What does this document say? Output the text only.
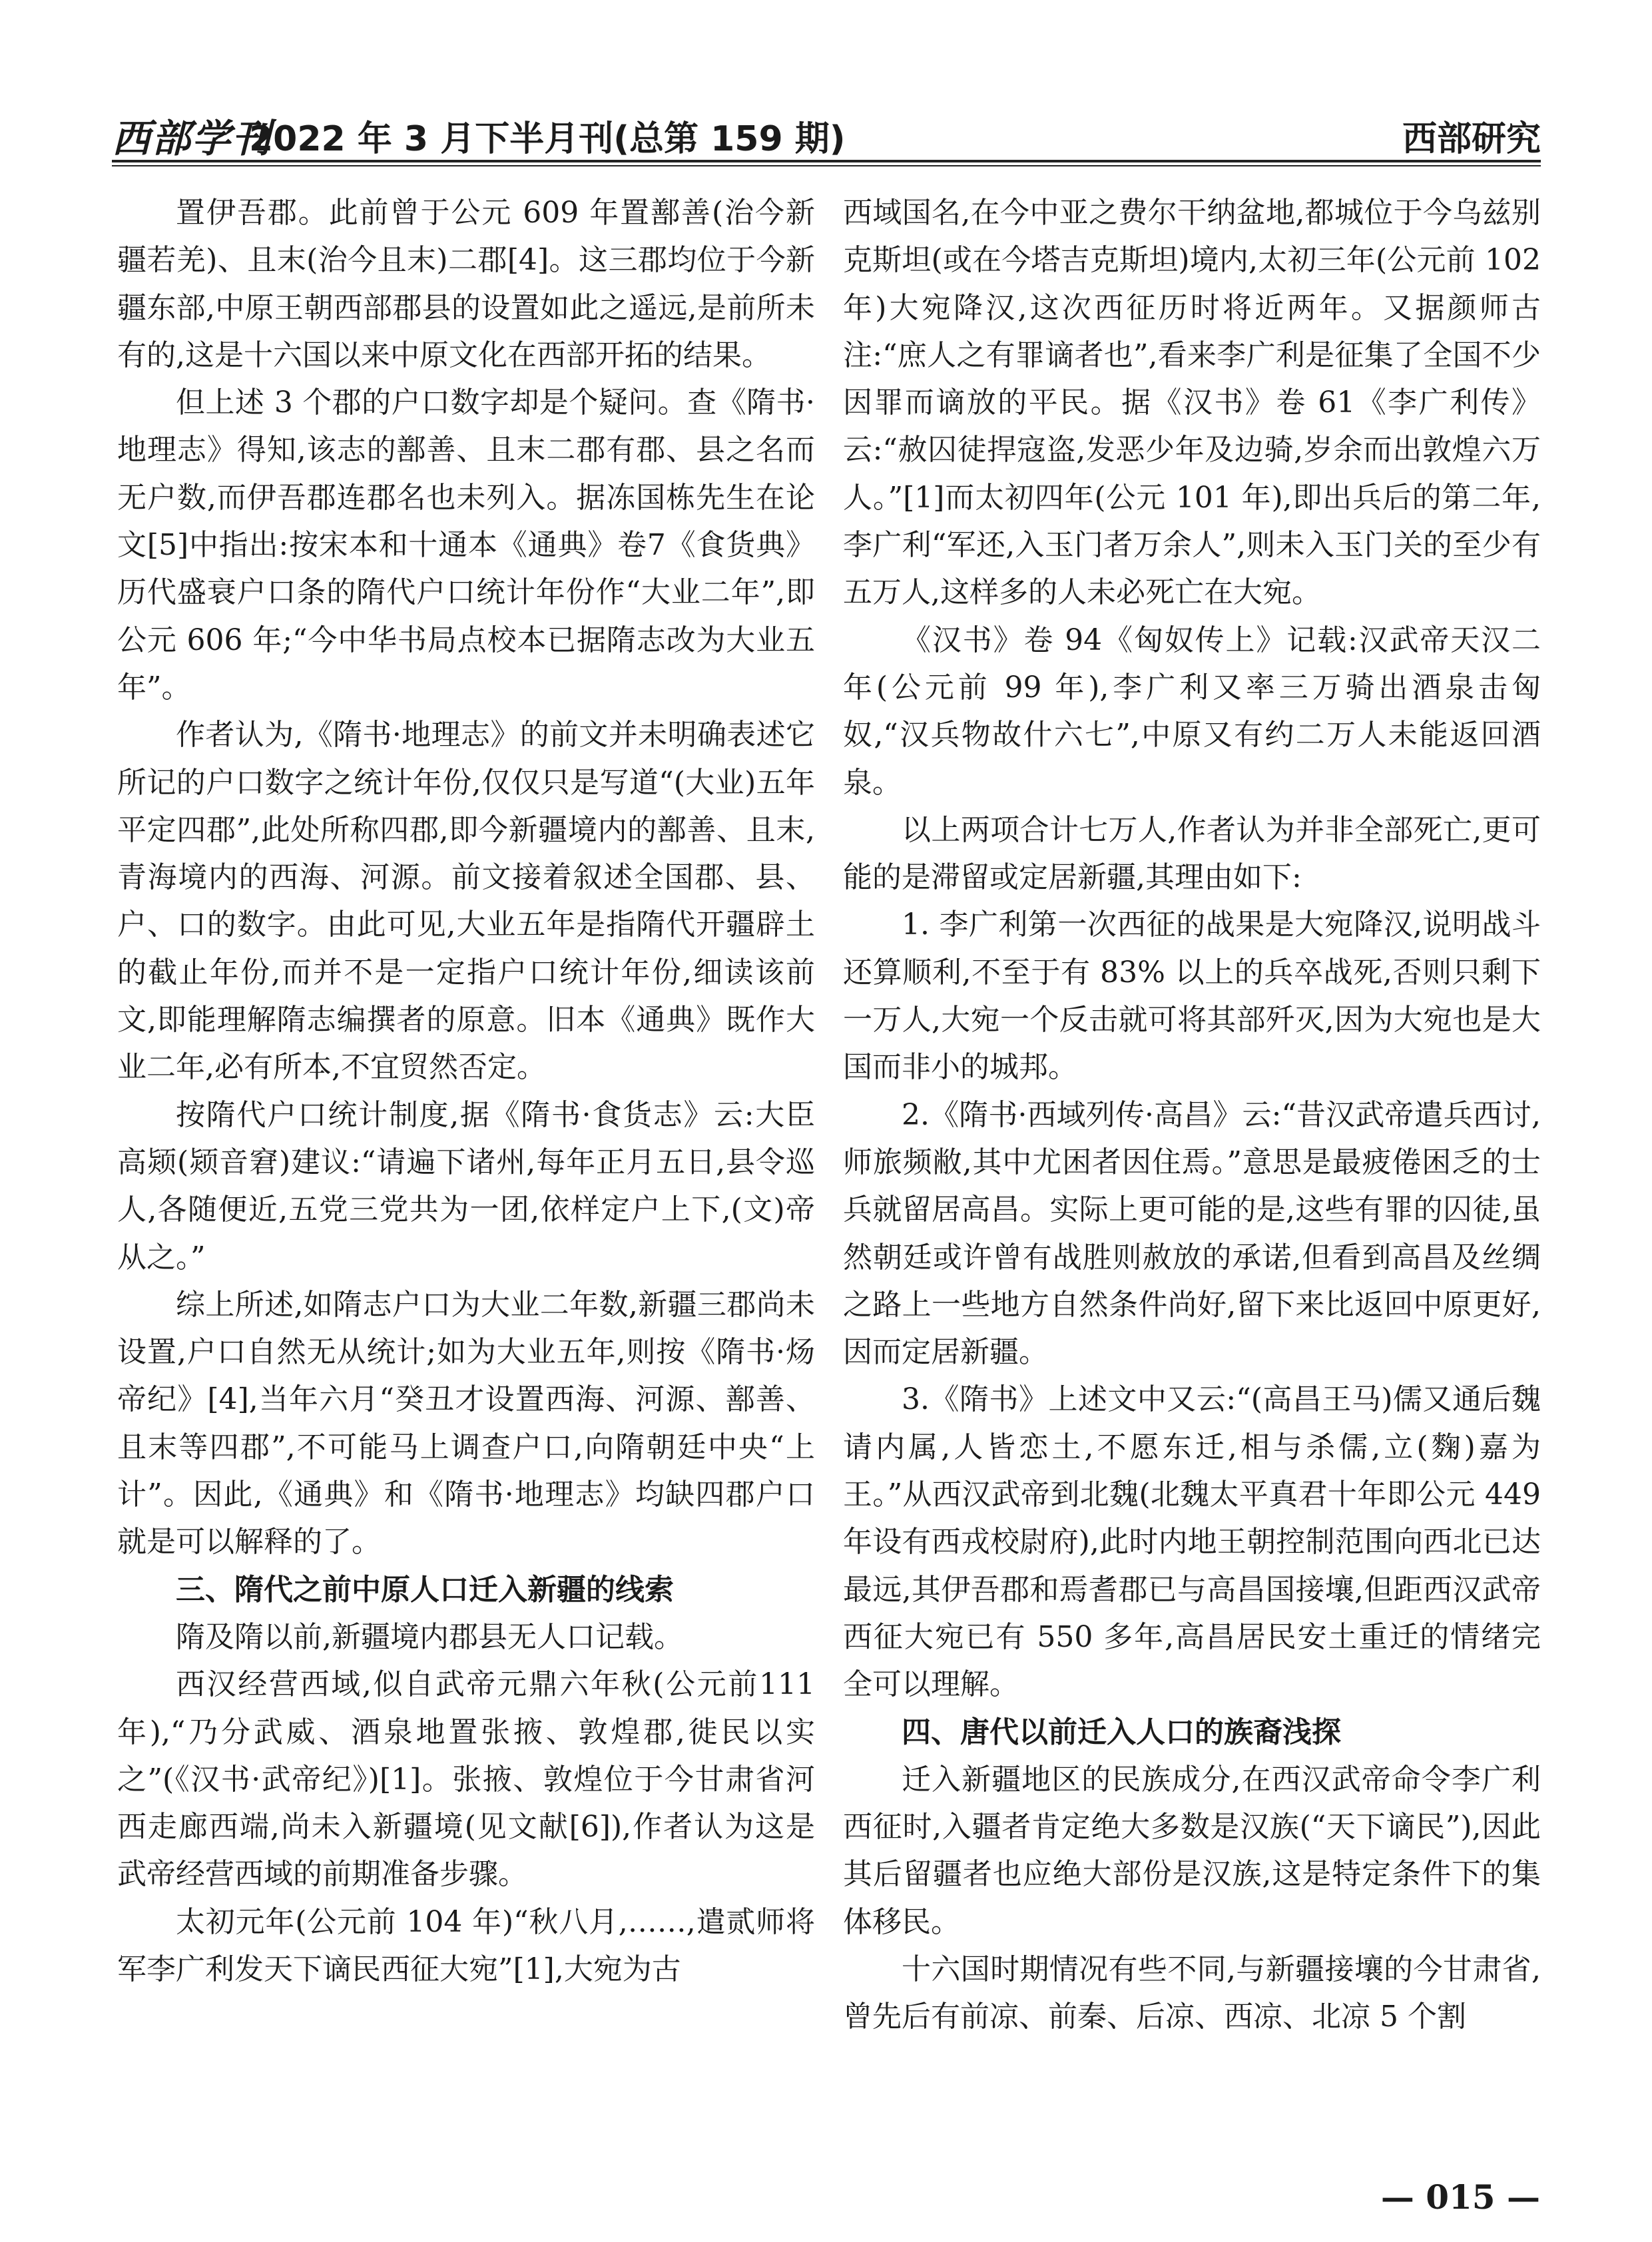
西部学刊
2022 年 3 月下半月刊(总第 159 期)	西部研究

置伊吾郡。此前曾于公元 609 年置鄯善(治今新疆若羌)、且末(治今且末)二郡[4]。这三郡均位于今新疆东部,中原王朝西部郡县的设置如此之遥远,是前所未有的,这是十六国以来中原文化在西部开拓的结果。

但上述 3 个郡的户口数字却是个疑问。查《隋书·地理志》得知,该志的鄯善、且末二郡有郡、县之名而无户数,而伊吾郡连郡名也未列入。据冻国栋先生在论文[5]中指出:按宋本和十通本《通典》卷7《食货典》历代盛衰户口条的隋代户口统计年份作“大业二年”,即公元 606 年;“今中华书局点校本已据隋志改为大业五年”。

作者认为,《隋书·地理志》的前文并未明确表述它所记的户口数字之统计年份,仅仅只是写道“(大业)五年平定四郡”,此处所称四郡,即今新疆境内的鄯善、且末,青海境内的西海、河源。前文接着叙述全国郡、县、户、口的数字。由此可见,大业五年是指隋代开疆辟土的截止年份,而并不是一定指户口统计年份,细读该前文,即能理解隋志编撰者的原意。旧本《通典》既作大业二年,必有所本,不宜贸然否定。

按隋代户口统计制度,据《隋书·食货志》云:大臣高颎(颎音窘)建议:“请遍下诸州,每年正月五日,县令巡人,各随便近,五党三党共为一团,依样定户上下,(文)帝从之。”

综上所述,如隋志户口为大业二年数,新疆三郡尚未设置,户口自然无从统计;如为大业五年,则按《隋书·炀帝纪》[4],当年六月“癸丑才设置西海、河源、鄯善、且末等四郡”,不可能马上调查户口,向隋朝廷中央“上计”。因此,《通典》和《隋书·地理志》均缺四郡户口就是可以解释的了。

三、隋代之前中原人口迁入新疆的线索

隋及隋以前,新疆境内郡县无人口记载。

西汉经营西域,似自武帝元鼎六年秋(公元前111 年),“乃分武威、酒泉地置张掖、敦煌郡,徙民以实之”(《汉书·武帝纪》)[1]。张掖、敦煌位于今甘肃省河西走廊西端,尚未入新疆境(见文献[6]),作者认为这是武帝经营西域的前期准备步骤。

太初元年(公元前 104 年)“秋八月,……,遣贰师将军李广利发天下谪民西征大宛”[1],大宛为古

西域国名,在今中亚之费尔干纳盆地,都城位于今乌兹别克斯坦(或在今塔吉克斯坦)境内,太初三年(公元前 102 年)大宛降汉,这次西征历时将近两年。又据颜师古注:“庶人之有罪谪者也”,看来李广利是征集了全国不少因罪而谪放的平民。据《汉书》卷 61《李广利传》云:“赦囚徒捍寇盗,发恶少年及边骑,岁余而出敦煌六万人。”[1]而太初四年(公元 101 年),即出兵后的第二年,李广利“军还,入玉门者万余人”,则未入玉门关的至少有五万人,这样多的人未必死亡在大宛。

《汉书》卷 94《匈奴传上》记载:汉武帝天汉二年(公元前 99 年),李广利又率三万骑出酒泉击匈奴,“汉兵物故什六七”,中原又有约二万人未能返回酒泉。

以上两项合计七万人,作者认为并非全部死亡,更可能的是滞留或定居新疆,其理由如下:

1. 李广利第一次西征的战果是大宛降汉,说明战斗还算顺利,不至于有 83% 以上的兵卒战死,否则只剩下一万人,大宛一个反击就可将其部歼灭,因为大宛也是大国而非小的城邦。

2.《隋书·西域列传·高昌》云:“昔汉武帝遣兵西讨,师旅频敝,其中尤困者因住焉。”意思是最疲倦困乏的士兵就留居高昌。实际上更可能的是,这些有罪的囚徒,虽然朝廷或许曾有战胜则赦放的承诺,但看到高昌及丝绸之路上一些地方自然条件尚好,留下来比返回中原更好,因而定居新疆。

3.《隋书》上述文中又云:“(高昌王马)儒又通后魏请内属,人皆恋土,不愿东迁,相与杀儒,立(麴)嘉为王。”从西汉武帝到北魏(北魏太平真君十年即公元 449 年设有西戎校尉府),此时内地王朝控制范围向西北已达最远,其伊吾郡和焉耆郡已与高昌国接壤,但距西汉武帝西征大宛已有 550 多年,高昌居民安土重迁的情绪完全可以理解。

四、唐代以前迁入人口的族裔浅探

迁入新疆地区的民族成分,在西汉武帝命令李广利西征时,入疆者肯定绝大多数是汉族(“天下谪民”),因此其后留疆者也应绝大部份是汉族,这是特定条件下的集体移民。

十六国时期情况有些不同,与新疆接壤的今甘肃省,曾先后有前凉、前秦、后凉、西凉、北凉 5 个割

— 015 —
